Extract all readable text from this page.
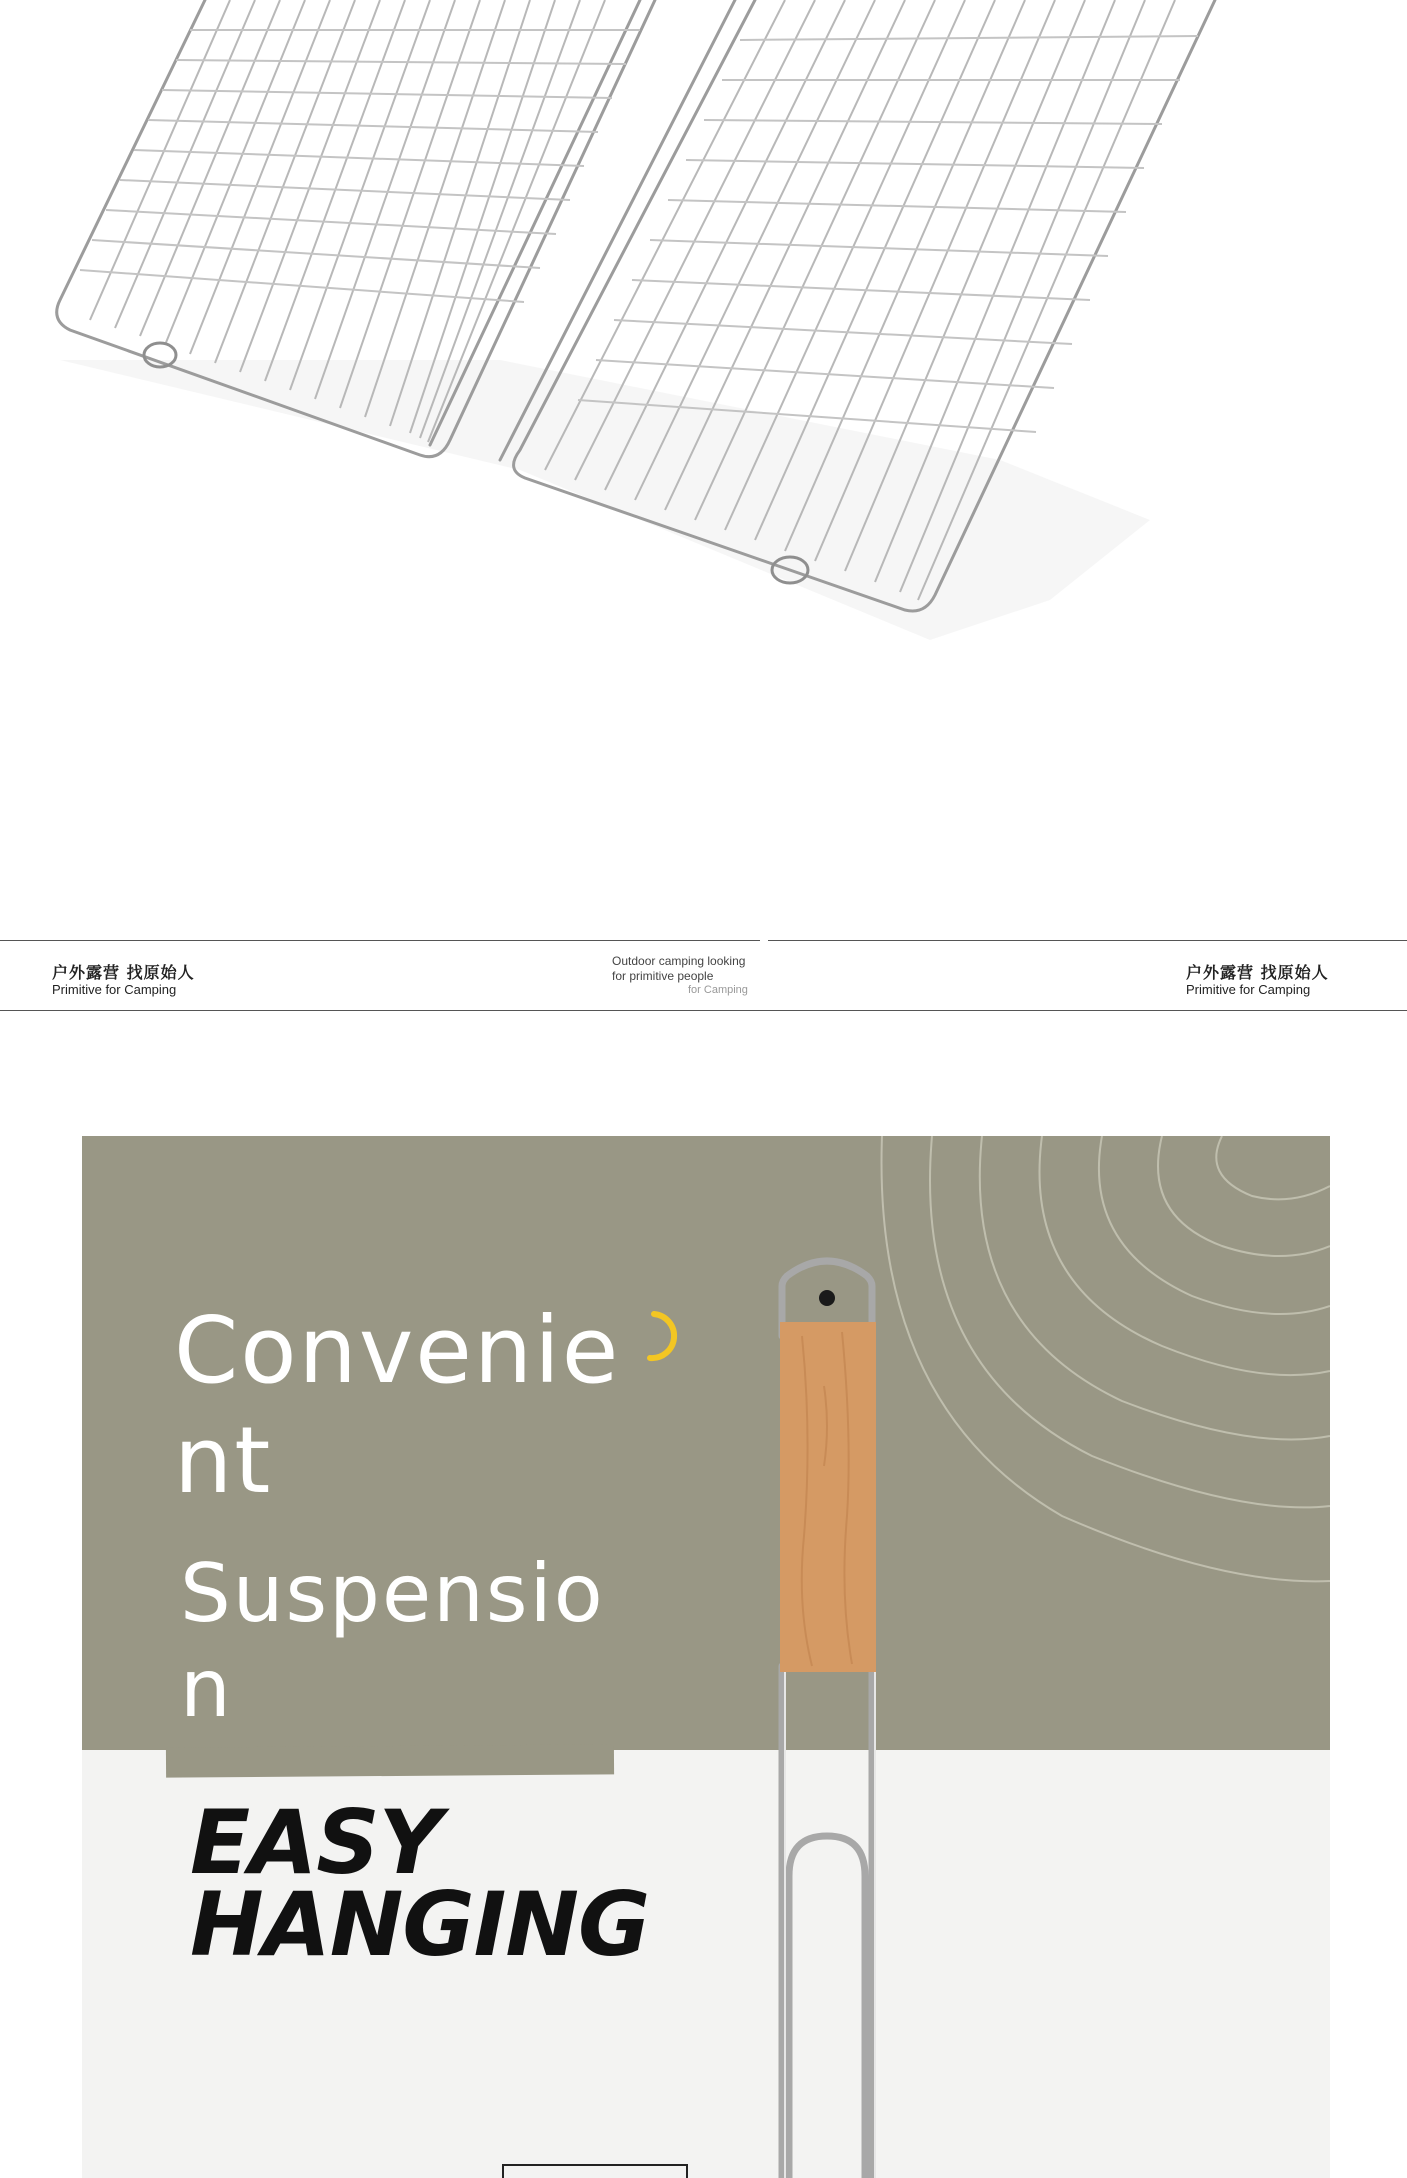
户外露营 找原始人
Primitive for Camping
Outdoor camping looking
for primitive people
for Camping
户外露营 找原始人
Primitive for Camping
Convenie
nt
Suspensio
n
EASY
HANGING
